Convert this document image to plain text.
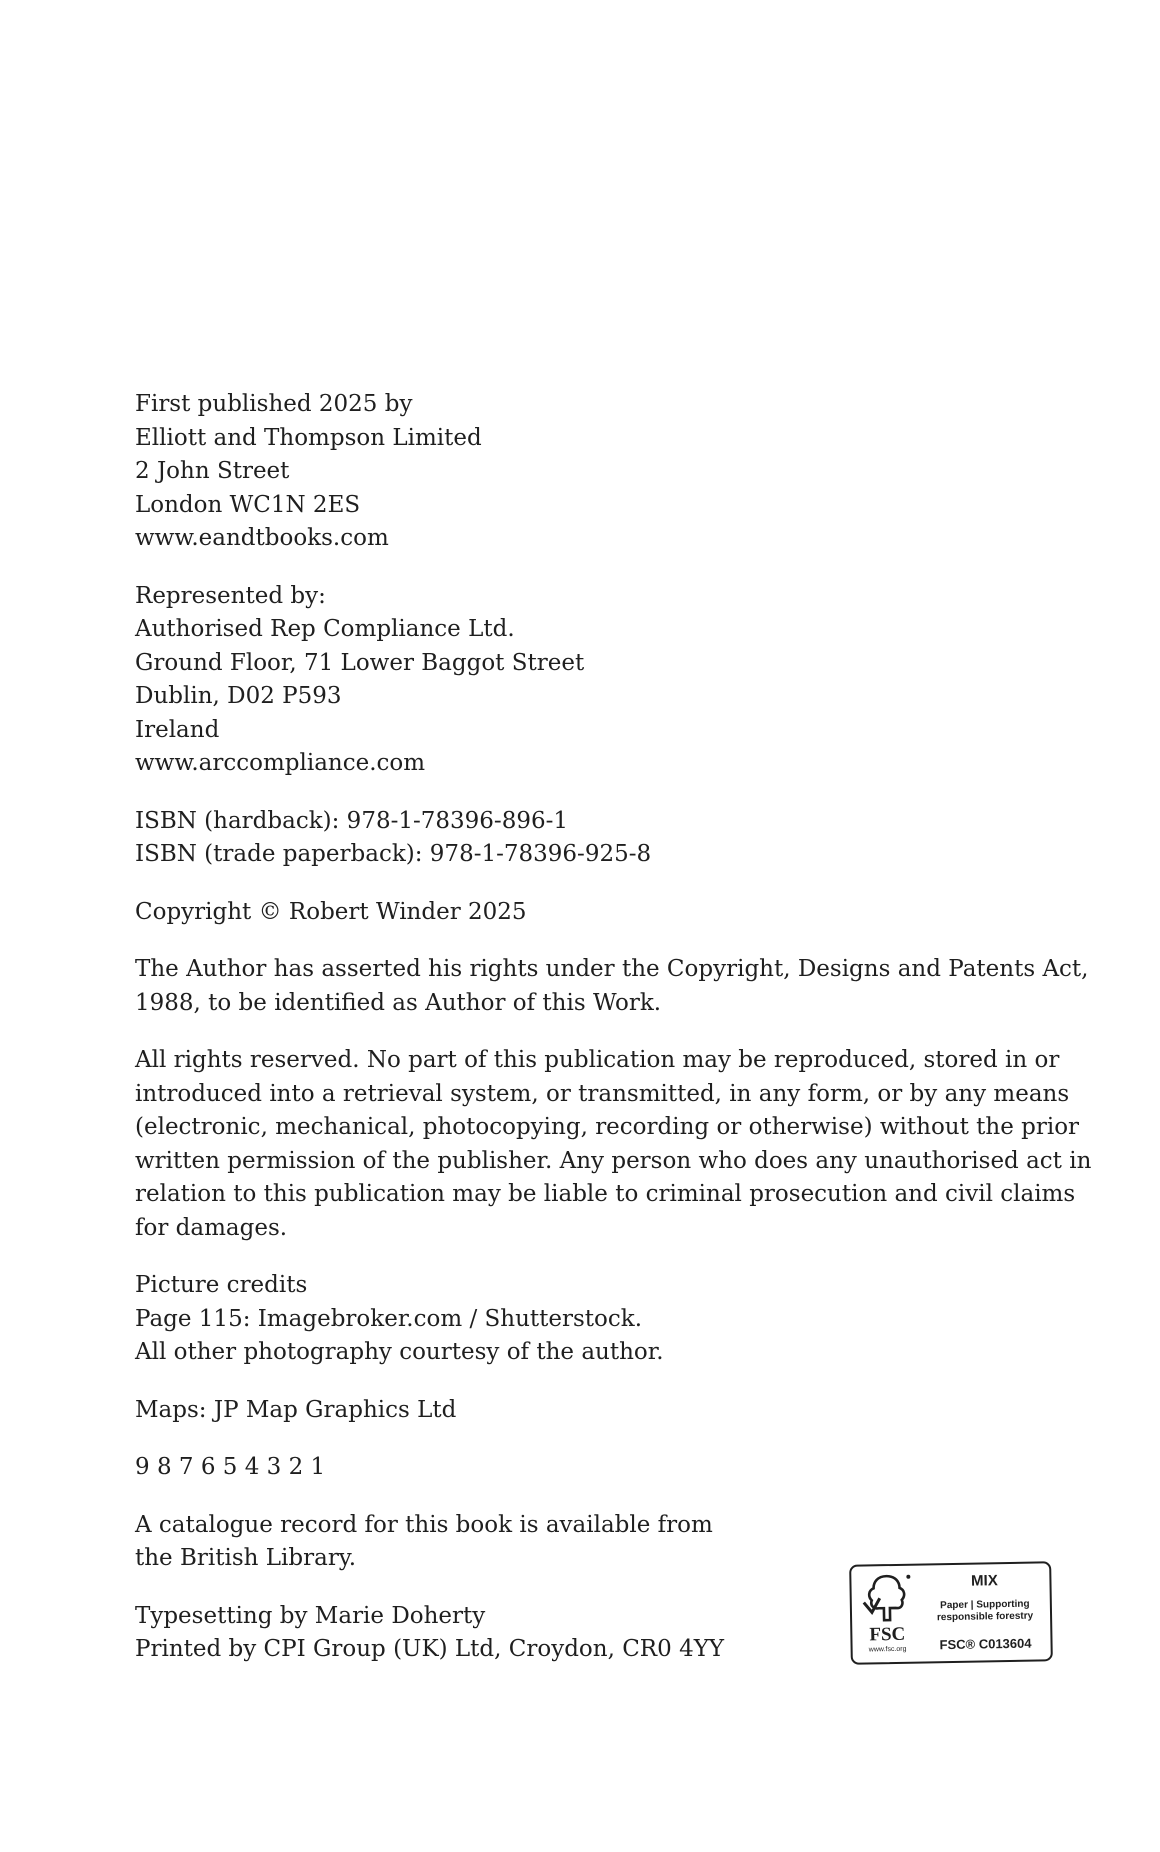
First published 2025 by
Elliott and Thompson Limited
2 John Street
London WC1N 2ES
www.eandtbooks.com
Represented by:
Authorised Rep Compliance Ltd.
Ground Floor, 71 Lower Baggot Street
Dublin, D02 P593
Ireland
www.arccompliance.com
ISBN (hardback): 978-1-78396-896-1
ISBN (trade paperback): 978-1-78396-925-8
Copyright © Robert Winder 2025
The Author has asserted his rights under the Copyright, Designs and Patents Act,
1988, to be identified as Author of this Work.
All rights reserved. No part of this publication may be reproduced, stored in or
introduced into a retrieval system, or transmitted, in any form, or by any means
(electronic, mechanical, photocopying, recording or otherwise) without the prior
written permission of the publisher. Any person who does any unauthorised act in
relation to this publication may be liable to criminal prosecution and civil claims
for damages.
Picture credits
Page 115: Imagebroker.com / Shutterstock.
All other photography courtesy of the author.
Maps: JP Map Graphics Ltd
9 8 7 6 5 4 3 2 1
A catalogue record for this book is available from
the British Library.
Typesetting by Marie Doherty
Printed by CPI Group (UK) Ltd, Croydon, CR0 4YY
FSC
www.fsc.org
MIX
Paper | Supporting
responsible forestry
FSC® C013604
